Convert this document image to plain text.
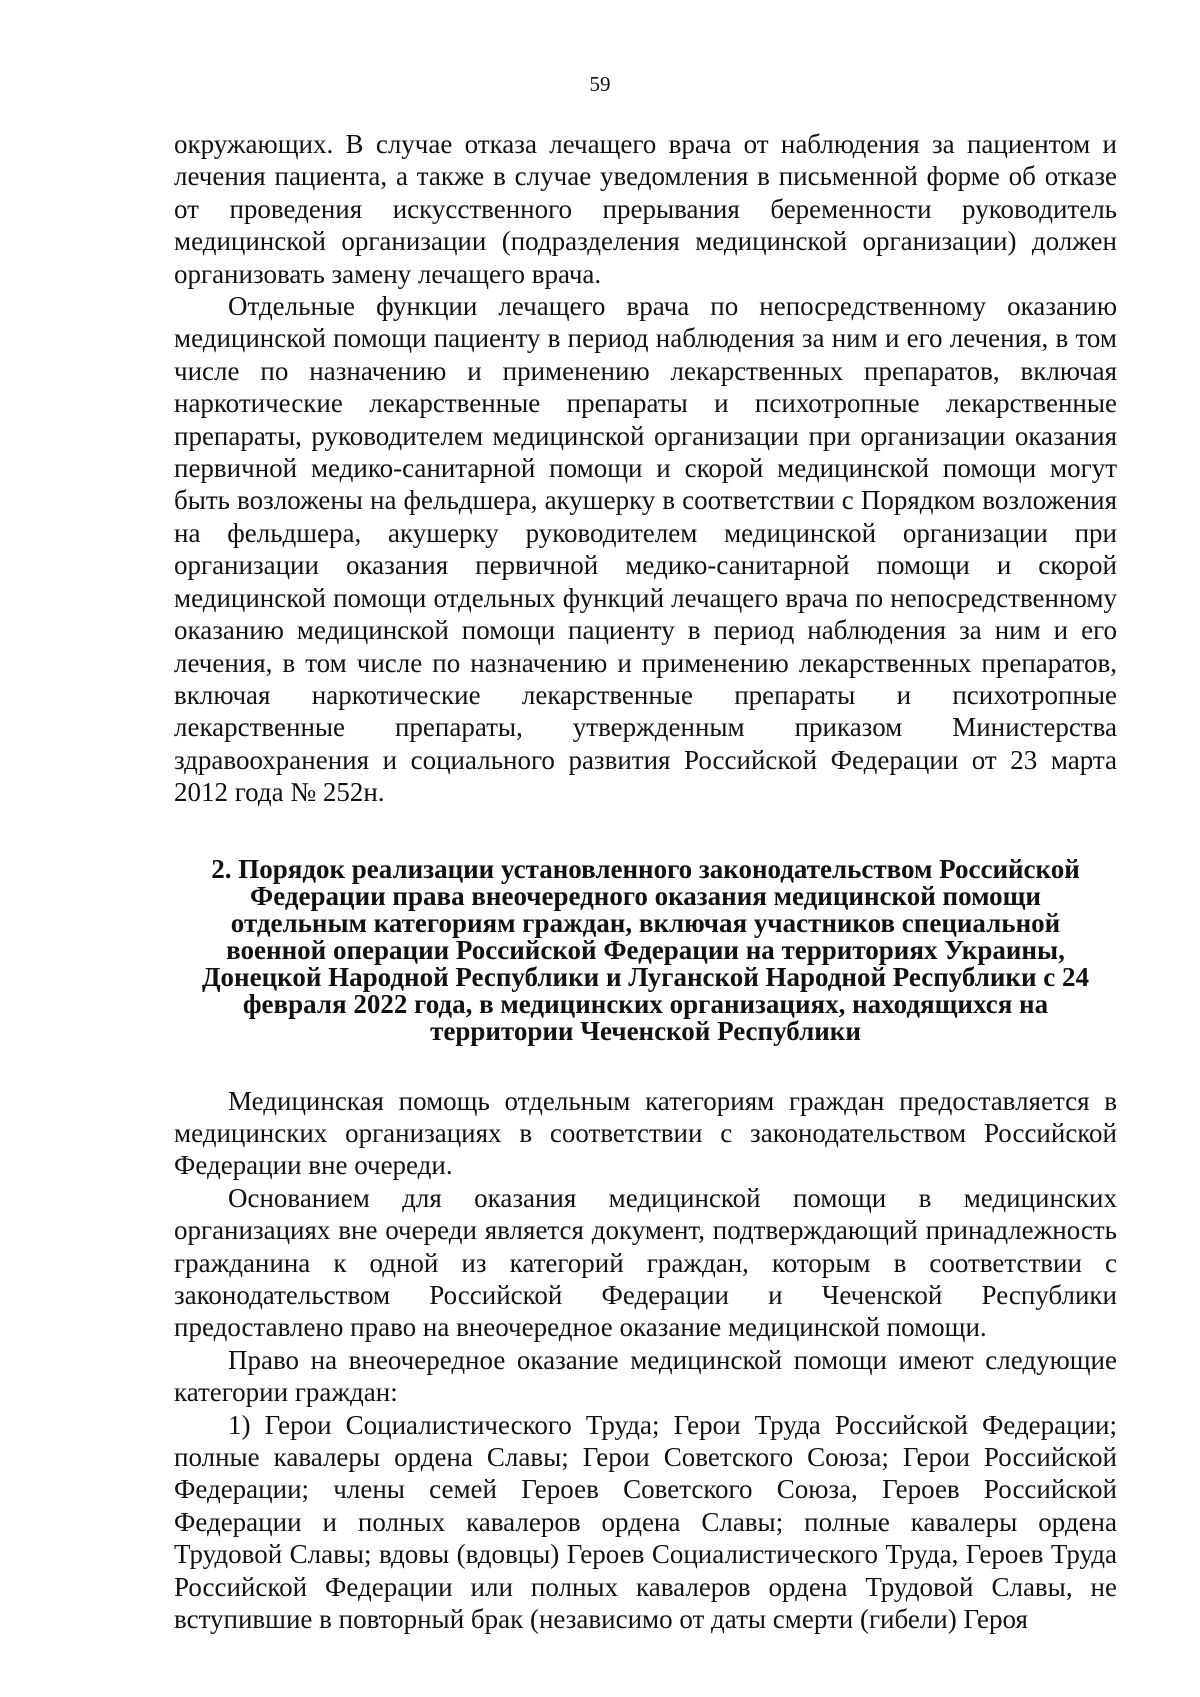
59

окружающих. В случае отказа лечащего врача от наблюдения за пациентом и лечения пациента, а также в случае уведомления в письменной форме об отказе от проведения искусственного прерывания беременности руководитель медицинской организации (подразделения медицинской организации) должен организовать замену лечащего врача.

Отдельные функции лечащего врача по непосредственному оказанию медицинской помощи пациенту в период наблюдения за ним и его лечения, в том числе по назначению и применению лекарственных препаратов, включая наркотические лекарственные препараты и психотропные лекарственные препараты, руководителем медицинской организации при организации оказания первичной медико-санитарной помощи и скорой медицинской помощи могут быть возложены на фельдшера, акушерку в соответствии с Порядком возложения на фельдшера, акушерку руководителем медицинской организации при организации оказания первичной медико-санитарной помощи и скорой медицинской помощи отдельных функций лечащего врача по непосредственному оказанию медицинской помощи пациенту в период наблюдения за ним и его лечения, в том числе по назначению и применению лекарственных препаратов, включая наркотические лекарственные препараты и психотропные лекарственные препараты, утвержденным приказом Министерства здравоохранения и социального развития Российской Федерации от 23 марта 2012 года № 252н.

2. Порядок реализации установленного законодательством Российской Федерации права внеочередного оказания медицинской помощи отдельным категориям граждан, включая участников специальной военной операции Российской Федерации на территориях Украины, Донецкой Народной Республики и Луганской Народной Республики с 24 февраля 2022 года, в медицинских организациях, находящихся на территории Чеченской Республики

Медицинская помощь отдельным категориям граждан предоставляется в медицинских организациях в соответствии с законодательством Российской Федерации вне очереди.

Основанием для оказания медицинской помощи в медицинских организациях вне очереди является документ, подтверждающий принадлежность гражданина к одной из категорий граждан, которым в соответствии с законодательством Российской Федерации и Чеченской Республики предоставлено право на внеочередное оказание медицинской помощи.

Право на внеочередное оказание медицинской помощи имеют следующие категории граждан:

1) Герои Социалистического Труда; Герои Труда Российской Федерации; полные кавалеры ордена Славы; Герои Советского Союза; Герои Российской Федерации; члены семей Героев Советского Союза, Героев Российской Федерации и полных кавалеров ордена Славы; полные кавалеры ордена Трудовой Славы; вдовы (вдовцы) Героев Социалистического Труда, Героев Труда Российской Федерации или полных кавалеров ордена Трудовой Славы, не вступившие в повторный брак (независимо от даты смерти (гибели) Героя
